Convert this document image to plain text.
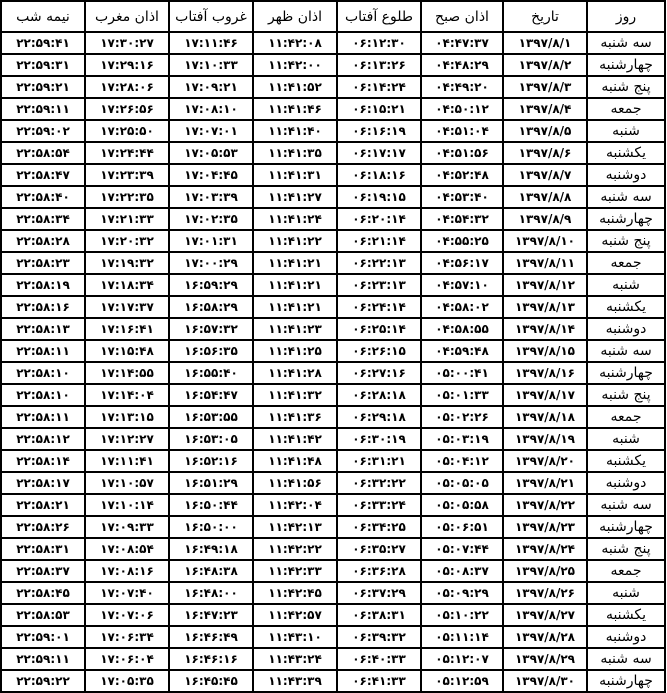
روز	تاریخ	اذان صبح	طلوع آفتاب	اذان ظهر	غروب آفتاب	اذان مغرب	نیمه شب
سه شنبه	۱۳۹۷/۸/۱	۰۴:۴۷:۳۷	۰۶:۱۲:۳۰	۱۱:۴۲:۰۸	۱۷:۱۱:۴۶	۱۷:۳۰:۲۷	۲۲:۵۹:۴۱
چهارشنبه	۱۳۹۷/۸/۲	۰۴:۴۸:۲۹	۰۶:۱۳:۲۶	۱۱:۴۲:۰۰	۱۷:۱۰:۳۳	۱۷:۲۹:۱۶	۲۲:۵۹:۳۱
پنج شنبه	۱۳۹۷/۸/۳	۰۴:۴۹:۲۰	۰۶:۱۴:۲۴	۱۱:۴۱:۵۲	۱۷:۰۹:۲۱	۱۷:۲۸:۰۶	۲۲:۵۹:۲۱
جمعه	۱۳۹۷/۸/۴	۰۴:۵۰:۱۲	۰۶:۱۵:۲۱	۱۱:۴۱:۴۶	۱۷:۰۸:۱۰	۱۷:۲۶:۵۶	۲۲:۵۹:۱۱
شنبه	۱۳۹۷/۸/۵	۰۴:۵۱:۰۴	۰۶:۱۶:۱۹	۱۱:۴۱:۴۰	۱۷:۰۷:۰۱	۱۷:۲۵:۵۰	۲۲:۵۹:۰۲
یکشنبه	۱۳۹۷/۸/۶	۰۴:۵۱:۵۶	۰۶:۱۷:۱۷	۱۱:۴۱:۳۵	۱۷:۰۵:۵۳	۱۷:۲۴:۴۴	۲۲:۵۸:۵۴
دوشنبه	۱۳۹۷/۸/۷	۰۴:۵۲:۴۸	۰۶:۱۸:۱۶	۱۱:۴۱:۳۱	۱۷:۰۴:۴۵	۱۷:۲۳:۳۹	۲۲:۵۸:۴۷
سه شنبه	۱۳۹۷/۸/۸	۰۴:۵۳:۴۰	۰۶:۱۹:۱۵	۱۱:۴۱:۲۷	۱۷:۰۳:۳۹	۱۷:۲۲:۳۵	۲۲:۵۸:۴۰
چهارشنبه	۱۳۹۷/۸/۹	۰۴:۵۴:۳۲	۰۶:۲۰:۱۴	۱۱:۴۱:۲۴	۱۷:۰۲:۳۵	۱۷:۲۱:۳۳	۲۲:۵۸:۳۴
پنج شنبه	۱۳۹۷/۸/۱۰	۰۴:۵۵:۲۵	۰۶:۲۱:۱۴	۱۱:۴۱:۲۲	۱۷:۰۱:۳۱	۱۷:۲۰:۳۲	۲۲:۵۸:۲۸
جمعه	۱۳۹۷/۸/۱۱	۰۴:۵۶:۱۷	۰۶:۲۲:۱۳	۱۱:۴۱:۲۱	۱۷:۰۰:۲۹	۱۷:۱۹:۳۲	۲۲:۵۸:۲۳
شنبه	۱۳۹۷/۸/۱۲	۰۴:۵۷:۱۰	۰۶:۲۳:۱۳	۱۱:۴۱:۲۱	۱۶:۵۹:۲۹	۱۷:۱۸:۳۴	۲۲:۵۸:۱۹
یکشنبه	۱۳۹۷/۸/۱۳	۰۴:۵۸:۰۲	۰۶:۲۴:۱۴	۱۱:۴۱:۲۱	۱۶:۵۸:۲۹	۱۷:۱۷:۳۷	۲۲:۵۸:۱۶
دوشنبه	۱۳۹۷/۸/۱۴	۰۴:۵۸:۵۵	۰۶:۲۵:۱۴	۱۱:۴۱:۲۳	۱۶:۵۷:۳۲	۱۷:۱۶:۴۱	۲۲:۵۸:۱۳
سه شنبه	۱۳۹۷/۸/۱۵	۰۴:۵۹:۴۸	۰۶:۲۶:۱۵	۱۱:۴۱:۲۵	۱۶:۵۶:۳۵	۱۷:۱۵:۴۸	۲۲:۵۸:۱۱
چهارشنبه	۱۳۹۷/۸/۱۶	۰۵:۰۰:۴۱	۰۶:۲۷:۱۶	۱۱:۴۱:۲۸	۱۶:۵۵:۴۰	۱۷:۱۴:۵۵	۲۲:۵۸:۱۰
پنج شنبه	۱۳۹۷/۸/۱۷	۰۵:۰۱:۳۳	۰۶:۲۸:۱۸	۱۱:۴۱:۳۲	۱۶:۵۴:۴۷	۱۷:۱۴:۰۴	۲۲:۵۸:۱۰
جمعه	۱۳۹۷/۸/۱۸	۰۵:۰۲:۲۶	۰۶:۲۹:۱۸	۱۱:۴۱:۳۶	۱۶:۵۳:۵۵	۱۷:۱۳:۱۵	۲۲:۵۸:۱۱
شنبه	۱۳۹۷/۸/۱۹	۰۵:۰۳:۱۹	۰۶:۳۰:۱۹	۱۱:۴۱:۴۲	۱۶:۵۳:۰۵	۱۷:۱۲:۲۷	۲۲:۵۸:۱۲
یکشنبه	۱۳۹۷/۸/۲۰	۰۵:۰۴:۱۲	۰۶:۳۱:۲۱	۱۱:۴۱:۴۸	۱۶:۵۲:۱۶	۱۷:۱۱:۴۱	۲۲:۵۸:۱۴
دوشنبه	۱۳۹۷/۸/۲۱	۰۵:۰۵:۰۵	۰۶:۳۲:۲۲	۱۱:۴۱:۵۶	۱۶:۵۱:۲۹	۱۷:۱۰:۵۷	۲۲:۵۸:۱۷
سه شنبه	۱۳۹۷/۸/۲۲	۰۵:۰۵:۵۸	۰۶:۳۳:۲۴	۱۱:۴۲:۰۴	۱۶:۵۰:۴۴	۱۷:۱۰:۱۴	۲۲:۵۸:۲۱
چهارشنبه	۱۳۹۷/۸/۲۳	۰۵:۰۶:۵۱	۰۶:۳۴:۲۵	۱۱:۴۲:۱۳	۱۶:۵۰:۰۰	۱۷:۰۹:۳۳	۲۲:۵۸:۲۶
پنج شنبه	۱۳۹۷/۸/۲۴	۰۵:۰۷:۴۴	۰۶:۳۵:۲۷	۱۱:۴۲:۲۲	۱۶:۴۹:۱۸	۱۷:۰۸:۵۴	۲۲:۵۸:۳۱
جمعه	۱۳۹۷/۸/۲۵	۰۵:۰۸:۳۷	۰۶:۳۶:۲۸	۱۱:۴۲:۳۳	۱۶:۴۸:۳۸	۱۷:۰۸:۱۶	۲۲:۵۸:۳۷
شنبه	۱۳۹۷/۸/۲۶	۰۵:۰۹:۲۹	۰۶:۳۷:۲۹	۱۱:۴۲:۴۵	۱۶:۴۸:۰۰	۱۷:۰۷:۴۰	۲۲:۵۸:۴۵
یکشنبه	۱۳۹۷/۸/۲۷	۰۵:۱۰:۲۲	۰۶:۳۸:۳۱	۱۱:۴۲:۵۷	۱۶:۴۷:۲۳	۱۷:۰۷:۰۶	۲۲:۵۸:۵۳
دوشنبه	۱۳۹۷/۸/۲۸	۰۵:۱۱:۱۴	۰۶:۳۹:۳۲	۱۱:۴۳:۱۰	۱۶:۴۶:۴۹	۱۷:۰۶:۳۴	۲۲:۵۹:۰۱
سه شنبه	۱۳۹۷/۸/۲۹	۰۵:۱۲:۰۷	۰۶:۴۰:۳۳	۱۱:۴۳:۲۴	۱۶:۴۶:۱۶	۱۷:۰۶:۰۴	۲۲:۵۹:۱۱
چهارشنبه	۱۳۹۷/۸/۳۰	۰۵:۱۲:۵۹	۰۶:۴۱:۳۳	۱۱:۴۳:۳۹	۱۶:۴۵:۴۵	۱۷:۰۵:۳۵	۲۲:۵۹:۲۲
